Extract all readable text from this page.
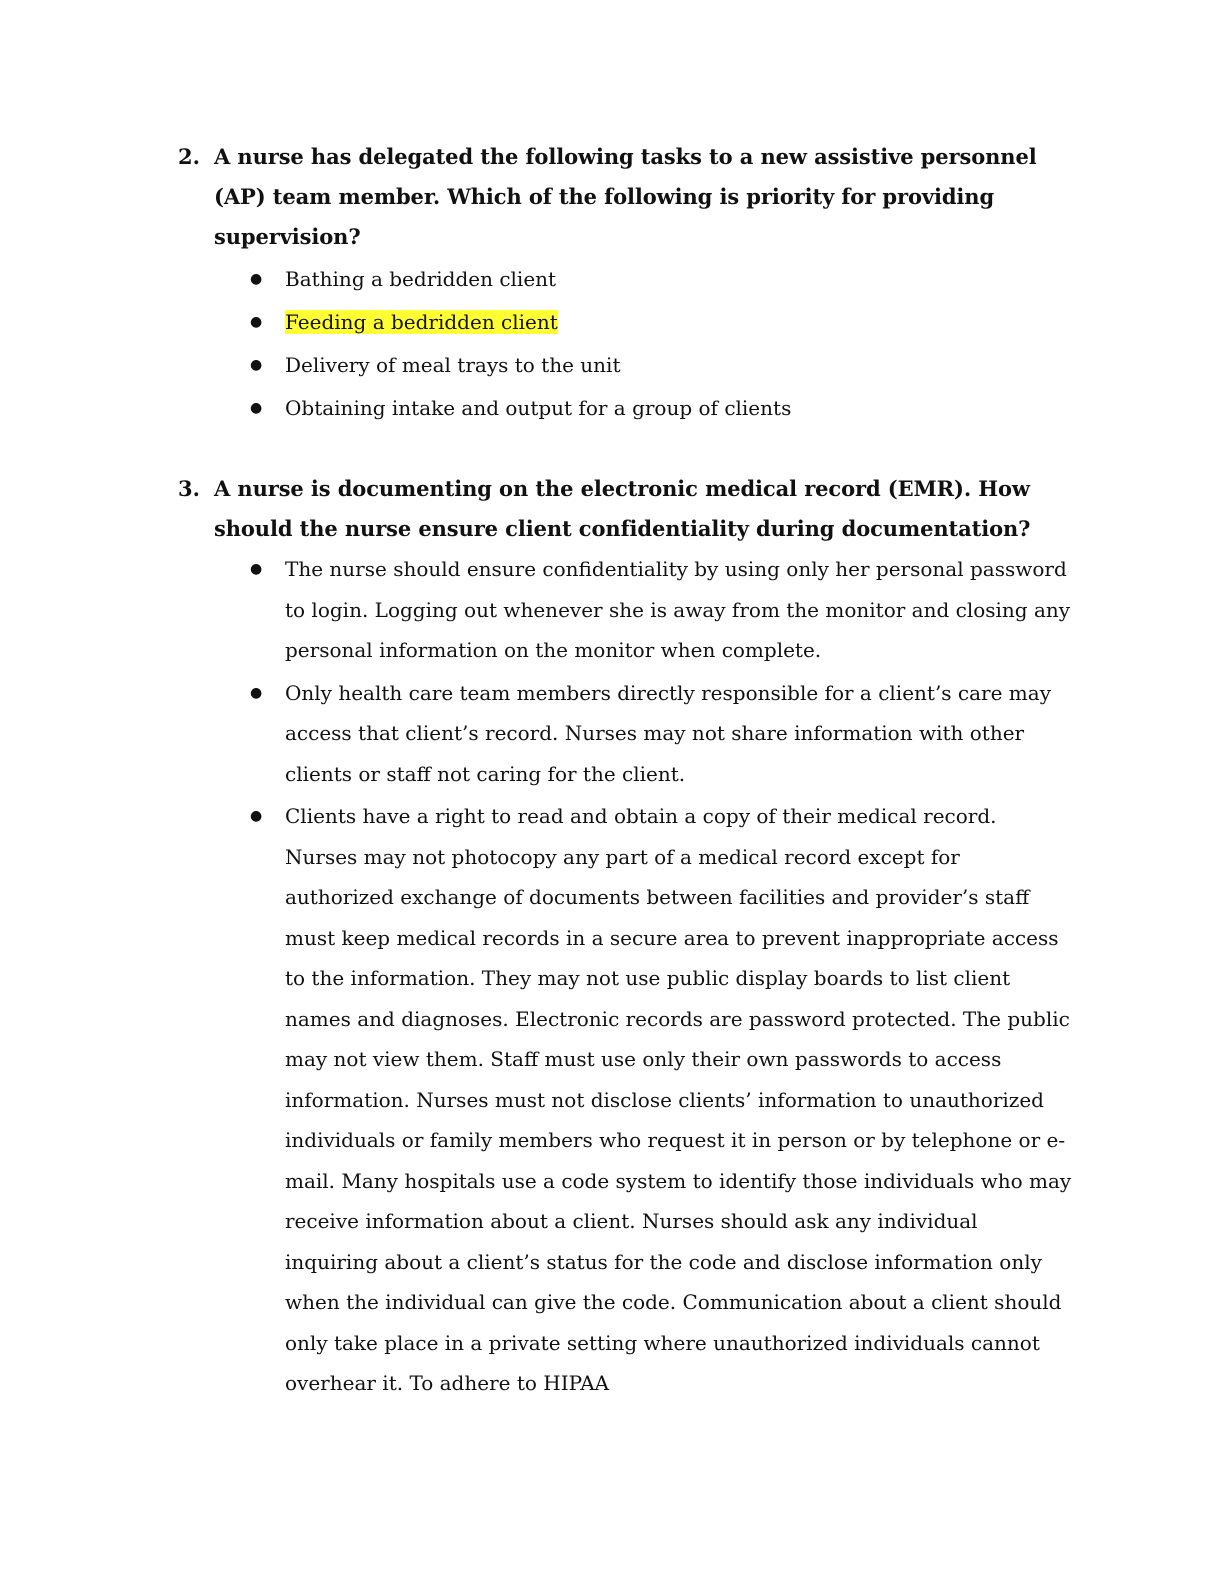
2. A nurse has delegated the following tasks to a new assistive personnel (AP) team member. Which of the following is priority for providing supervision?
●	Bathing a bedridden client
●	Feeding a bedridden client
●	Delivery of meal trays to the unit
●	Obtaining intake and output for a group of clients
3. A nurse is documenting on the electronic medical record (EMR). How should the nurse ensure client confidentiality during documentation?
●	The nurse should ensure confidentiality by using only her personal password to login. Logging out whenever she is away from the monitor and closing any personal information on the monitor when complete.
●	Only health care team members directly responsible for a client’s care may access that client’s record. Nurses may not share information with other clients or staff not caring for the client.
●	Clients have a right to read and obtain a copy of their medical record. Nurses may not photocopy any part of a medical record except for authorized exchange of documents between facilities and provider’s staff must keep medical records in a secure area to prevent inappropriate access to the information. They may not use public display boards to list client names and diagnoses. Electronic records are password protected. The public may not view them. Staff must use only their own passwords to access information. Nurses must not disclose clients’ information to unauthorized individuals or family members who request it in person or by telephone or e-mail. Many hospitals use a code system to identify those individuals who may receive information about a client. Nurses should ask any individual inquiring about a client’s status for the code and disclose information only when the individual can give the code. Communication about a client should only take place in a private setting where unauthorized individuals cannot overhear it. To adhere to HIPAA
